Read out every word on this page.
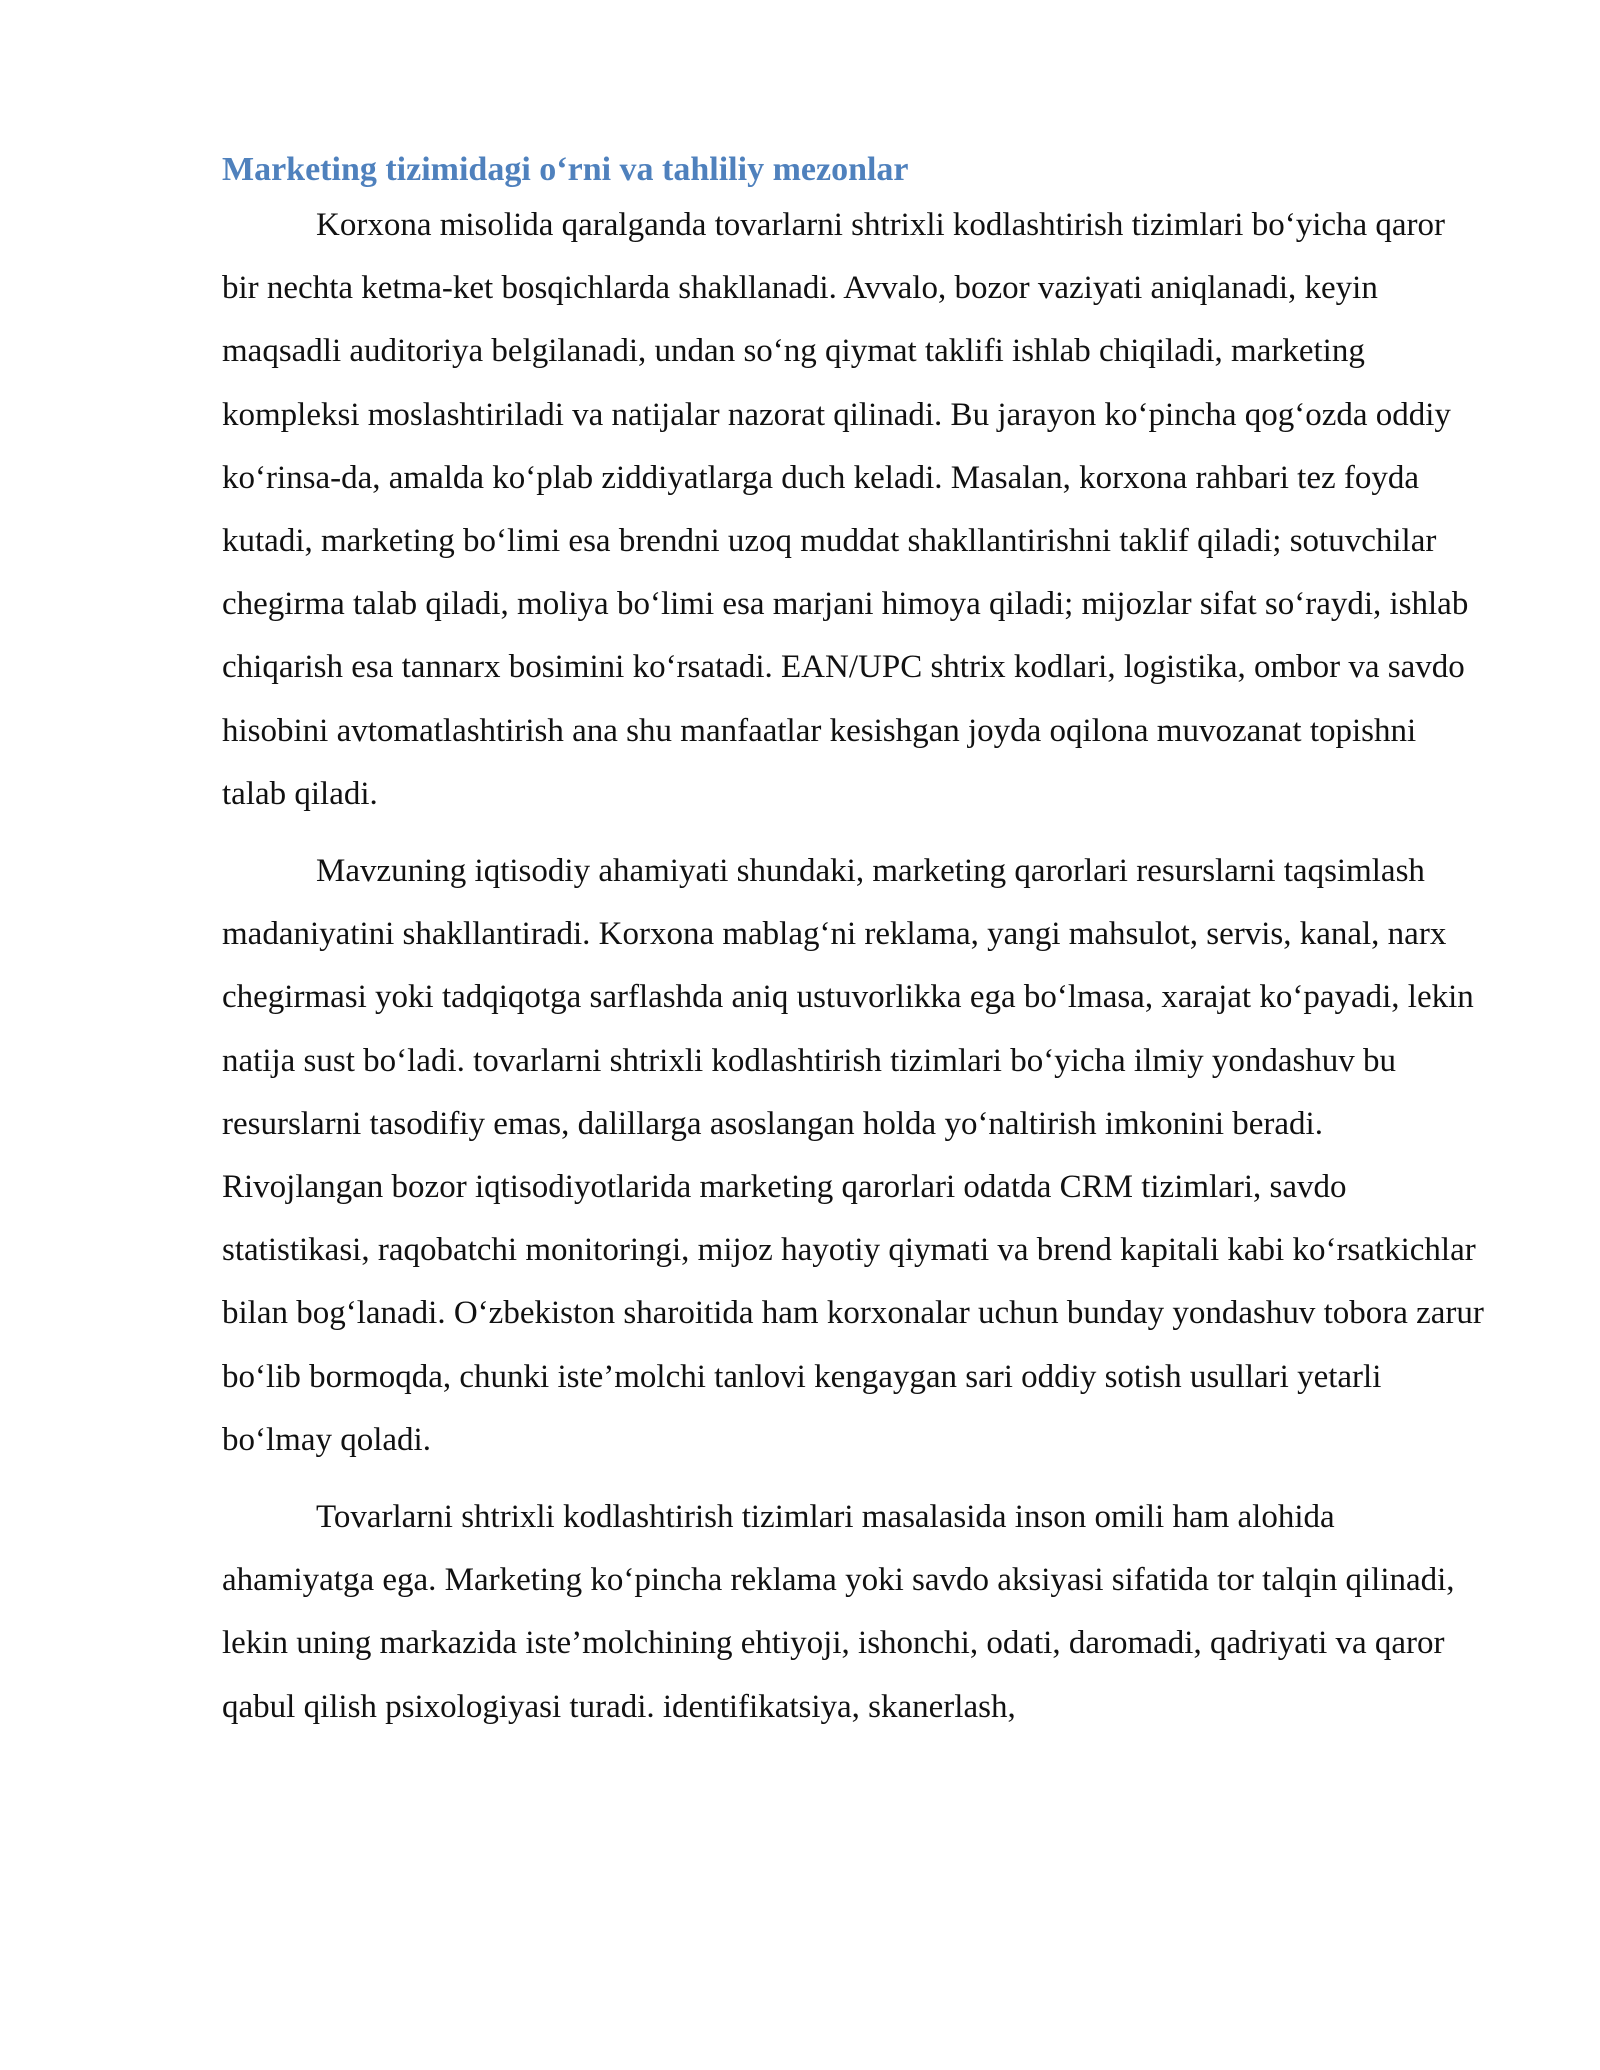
Marketing tizimidagi o‘rni va tahliliy mezonlar

Korxona misolida qaralganda tovarlarni shtrixli kodlashtirish tizimlari bo‘yicha qaror bir nechta ketma-ket bosqichlarda shakllanadi. Avvalo, bozor vaziyati aniqlanadi, keyin maqsadli auditoriya belgilanadi, undan so‘ng qiymat taklifi ishlab chiqiladi, marketing kompleksi moslashtiriladi va natijalar nazorat qilinadi. Bu jarayon ko‘pincha qog‘ozda oddiy ko‘rinsa-da, amalda ko‘plab ziddiyatlarga duch keladi. Masalan, korxona rahbari tez foyda kutadi, marketing bo‘limi esa brendni uzoq muddat shakllantirishni taklif qiladi; sotuvchilar chegirma talab qiladi, moliya bo‘limi esa marjani himoya qiladi; mijozlar sifat so‘raydi, ishlab chiqarish esa tannarx bosimini ko‘rsatadi. EAN/UPC shtrix kodlari, logistika, ombor va savdo hisobini avtomatlashtirish ana shu manfaatlar kesishgan joyda oqilona muvozanat topishni talab qiladi.

Mavzuning iqtisodiy ahamiyati shundaki, marketing qarorlari resurslarni taqsimlash madaniyatini shakllantiradi. Korxona mablag‘ni reklama, yangi mahsulot, servis, kanal, narx chegirmasi yoki tadqiqotga sarflashda aniq ustuvorlikka ega bo‘lmasa, xarajat ko‘payadi, lekin natija sust bo‘ladi. tovarlarni shtrixli kodlashtirish tizimlari bo‘yicha ilmiy yondashuv bu resurslarni tasodifiy emas, dalillarga asoslangan holda yo‘naltirish imkonini beradi. Rivojlangan bozor iqtisodiyotlarida marketing qarorlari odatda CRM tizimlari, savdo statistikasi, raqobatchi monitoringi, mijoz hayotiy qiymati va brend kapitali kabi ko‘rsatkichlar bilan bog‘lanadi. O‘zbekiston sharoitida ham korxonalar uchun bunday yondashuv tobora zarur bo‘lib bormoqda, chunki iste’molchi tanlovi kengaygan sari oddiy sotish usullari yetarli bo‘lmay qoladi.

Tovarlarni shtrixli kodlashtirish tizimlari masalasida inson omili ham alohida ahamiyatga ega. Marketing ko‘pincha reklama yoki savdo aksiyasi sifatida tor talqin qilinadi, lekin uning markazida iste’molchining ehtiyoji, ishonchi, odati, daromadi, qadriyati va qaror qabul qilish psixologiyasi turadi. identifikatsiya, skanerlash,
